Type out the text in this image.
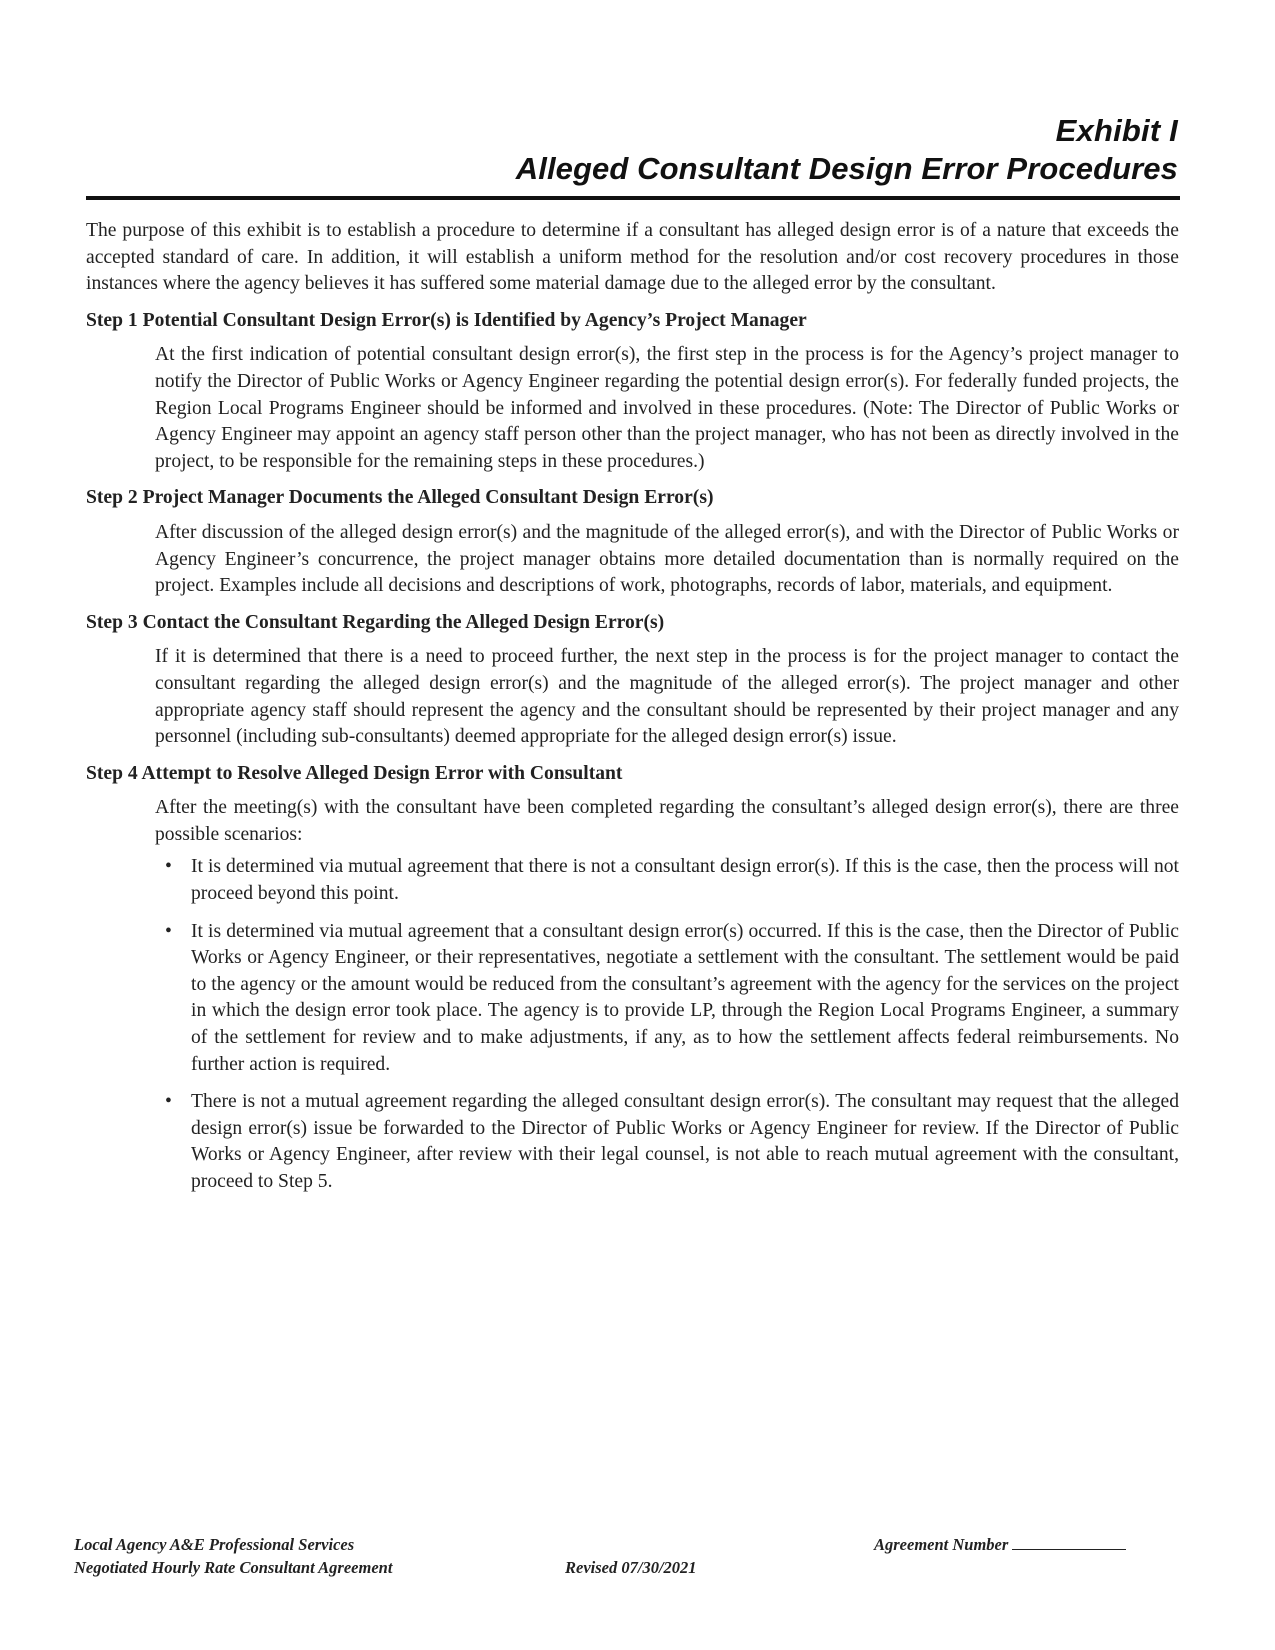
Exhibit I
Alleged Consultant Design Error Procedures

The purpose of this exhibit is to establish a procedure to determine if a consultant has alleged design error is of a nature that exceeds the accepted standard of care. In addition, it will establish a uniform method for the resolution and/or cost recovery procedures in those instances where the agency believes it has suffered some material damage due to the alleged error by the consultant.

Step 1 Potential Consultant Design Error(s) is Identified by Agency’s Project Manager

At the first indication of potential consultant design error(s), the first step in the process is for the Agency’s project manager to notify the Director of Public Works or Agency Engineer regarding the potential design error(s). For federally funded projects, the Region Local Programs Engineer should be informed and involved in these procedures. (Note: The Director of Public Works or Agency Engineer may appoint an agency staff person other than the project manager, who has not been as directly involved in the project, to be responsible for the remaining steps in these procedures.)

Step 2 Project Manager Documents the Alleged Consultant Design Error(s)

After discussion of the alleged design error(s) and the magnitude of the alleged error(s), and with the Director of Public Works or Agency Engineer’s concurrence, the project manager obtains more detailed documentation than is normally required on the project. Examples include all decisions and descriptions of work, photographs, records of labor, materials, and equipment.

Step 3 Contact the Consultant Regarding the Alleged Design Error(s)

If it is determined that there is a need to proceed further, the next step in the process is for the project manager to contact the consultant regarding the alleged design error(s) and the magnitude of the alleged error(s). The project manager and other appropriate agency staff should represent the agency and the consultant should be represented by their project manager and any personnel (including sub-consultants) deemed appropriate for the alleged design error(s) issue.

Step 4 Attempt to Resolve Alleged Design Error with Consultant

After the meeting(s) with the consultant have been completed regarding the consultant’s alleged design error(s), there are three possible scenarios:

• It is determined via mutual agreement that there is not a consultant design error(s). If this is the case, then the process will not proceed beyond this point.
• It is determined via mutual agreement that a consultant design error(s) occurred. If this is the case, then the Director of Public Works or Agency Engineer, or their representatives, negotiate a settlement with the consultant. The settlement would be paid to the agency or the amount would be reduced from the consultant’s agreement with the agency for the services on the project in which the design error took place. The agency is to provide LP, through the Region Local Programs Engineer, a summary of the settlement for review and to make adjustments, if any, as to how the settlement affects federal reimbursements. No further action is required.
• There is not a mutual agreement regarding the alleged consultant design error(s). The consultant may request that the alleged design error(s) issue be forwarded to the Director of Public Works or Agency Engineer for review. If the Director of Public Works or Agency Engineer, after review with their legal counsel, is not able to reach mutual agreement with the consultant, proceed to Step 5.
Local Agency A&E Professional Services
Negotiated Hourly Rate Consultant Agreement	Revised 07/30/2021
Agreement Number
